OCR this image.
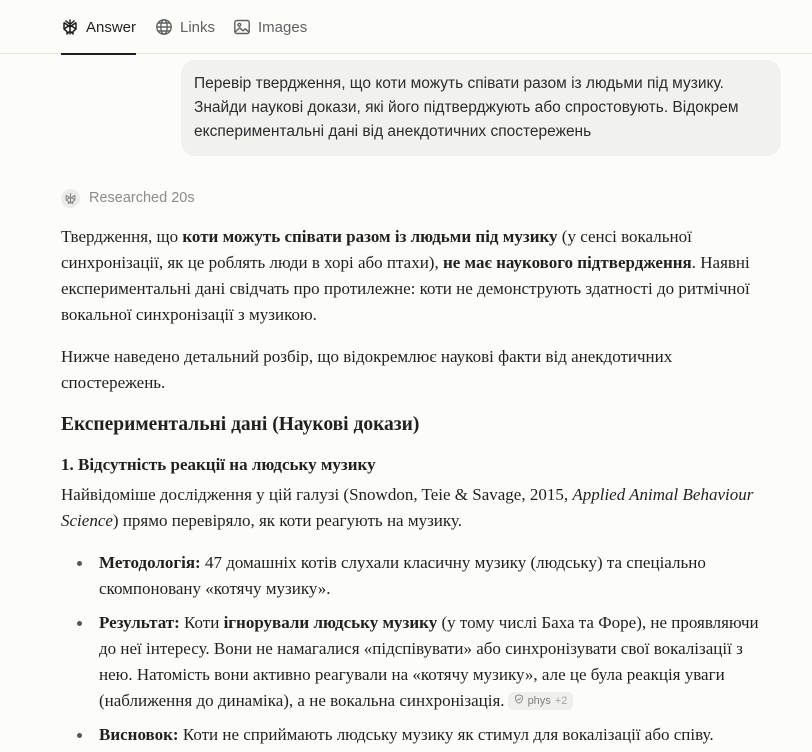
Answer	Links	Images
Перевір твердження, що коти можуть співати разом із людьми під музику.
Знайди наукові докази, які його підтверджують або спростовують. Відокрем
експериментальні дані від анекдотичних спостережень
Researched 20s

Твердження, що коти можуть співати разом із людьми під музику (у сенсі вокальної синхронізації, як це роблять люди в хорі або птахи), не має наукового підтвердження. Наявні експериментальні дані свідчать про протилежне: коти не демонструють здатності до ритмічної вокальної синхронізації з музикою.

Нижче наведено детальний розбір, що відокремлює наукові факти від анекдотичних спостережень.

Експериментальні дані (Наукові докази)
1. Відсутність реакції на людську музику

Найвідоміше дослідження у цій галузі (Snowdon, Teie & Savage, 2015, Applied Animal Behaviour Science) прямо перевіряло, як коти реагують на музику.

Методологія: 47 домашніх котів слухали класичну музику (людську) та спеціально скомпоновану «котячу музику».
Результат: Коти ігнорували людську музику (у тому числі Баха та Форе), не проявляючи до неї інтересу. Вони не намагалися «підспівувати» або синхронізувати свої вокалізації з нею. Натомість вони активно реагували на «котячу музику», але це була реакція уваги (наближення до динаміка), а не вокальна синхронізація. phys +2
Висновок: Коти не сприймають людську музику як стимул для вокалізації або співу.
